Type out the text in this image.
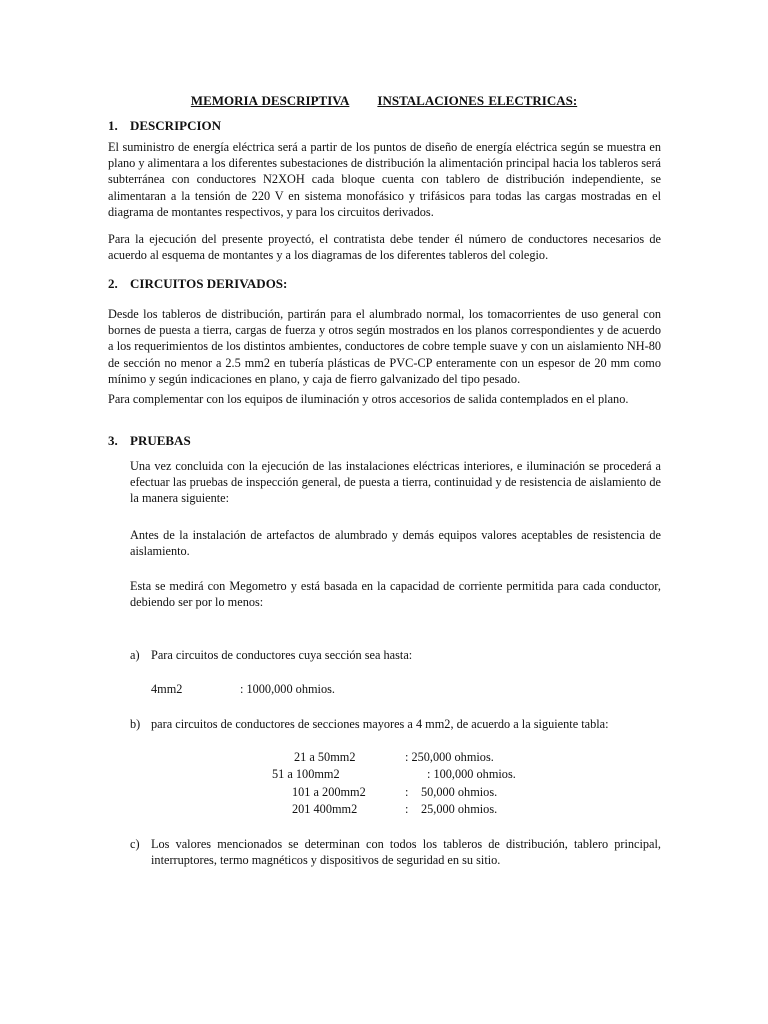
MEMORIA DESCRIPTIVA INSTALACIONES ELECTRICAS:
1. DESCRIPCION
El suministro de energía eléctrica será a partir de los puntos de diseño de energía eléctrica según se muestra en plano y alimentara a los diferentes subestaciones de distribución la alimentación principal hacia los tableros será subterránea con conductores N2XOH cada bloque cuenta con tablero de distribución independiente, se alimentaran a la tensión de 220 V en sistema monofásico y trifásicos para todas las cargas mostradas en el diagrama de montantes respectivos, y para los circuitos derivados.
Para la ejecución del presente proyectó, el contratista debe tender él número de conductores necesarios de acuerdo al esquema de montantes y a los diagramas de los diferentes tableros del colegio.
2. CIRCUITOS DERIVADOS:
Desde los tableros de distribución, partirán para el alumbrado normal, los tomacorrientes de uso general con bornes de puesta a tierra, cargas de fuerza y otros según mostrados en los planos correspondientes y de acuerdo a los requerimientos de los distintos ambientes, conductores de cobre temple suave y con un aislamiento NH-80 de sección no menor a 2.5 mm2 en tubería plásticas de PVC-CP enteramente con un espesor de 20 mm como mínimo y según indicaciones en plano, y caja de fierro galvanizado del tipo pesado.
Para complementar con los equipos de iluminación y otros accesorios de salida contemplados en el plano.
3. PRUEBAS
Una vez concluida con la ejecución de las instalaciones eléctricas interiores, e iluminación se procederá a efectuar las pruebas de inspección general, de puesta a tierra, continuidad y de resistencia de aislamiento de la manera siguiente:
Antes de la instalación de artefactos de alumbrado y demás equipos valores aceptables de resistencia de aislamiento.
Esta se medirá con Megometro y está basada en la capacidad de corriente permitida para cada conductor, debiendo ser por lo menos:
a) Para circuitos de conductores cuya sección sea hasta:
4mm2	: 1000,000 ohmios.
b) para circuitos de conductores de secciones mayores a 4 mm2, de acuerdo a la siguiente tabla:
21 a 50mm2	: 250,000 ohmios.
51 a 100mm2	: 100,000 ohmios.
101 a 200mm2	: 50,000 ohmios.
201 400mm2	: 25,000 ohmios.
c) Los valores mencionados se determinan con todos los tableros de distribución, tablero principal, interruptores, termo magnéticos y dispositivos de seguridad en su sitio.
